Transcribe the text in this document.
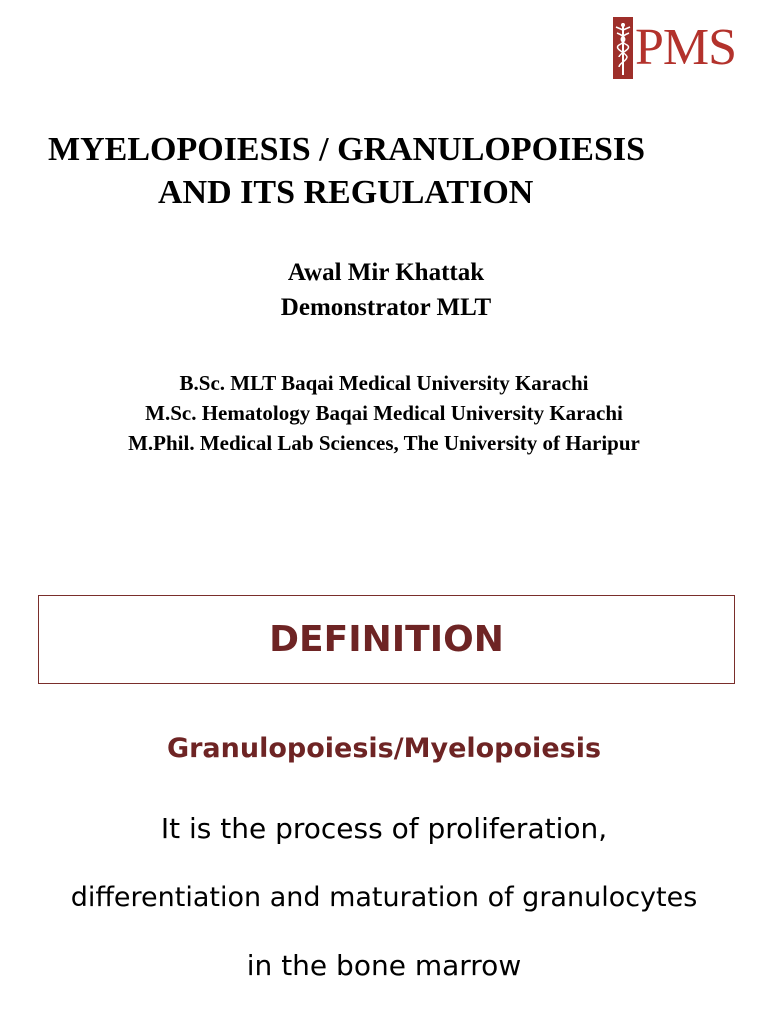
PMS
MYELOPOIESIS / GRANULOPOIESIS
AND ITS REGULATION
Awal Mir Khattak
Demonstrator MLT
B.Sc. MLT Baqai Medical University Karachi
M.Sc. Hematology Baqai Medical University Karachi
M.Phil. Medical Lab Sciences, The University of Haripur
DEFINITION
Granulopoiesis/Myelopoiesis
It is the process of proliferation,
differentiation and maturation of granulocytes
in the bone marrow
